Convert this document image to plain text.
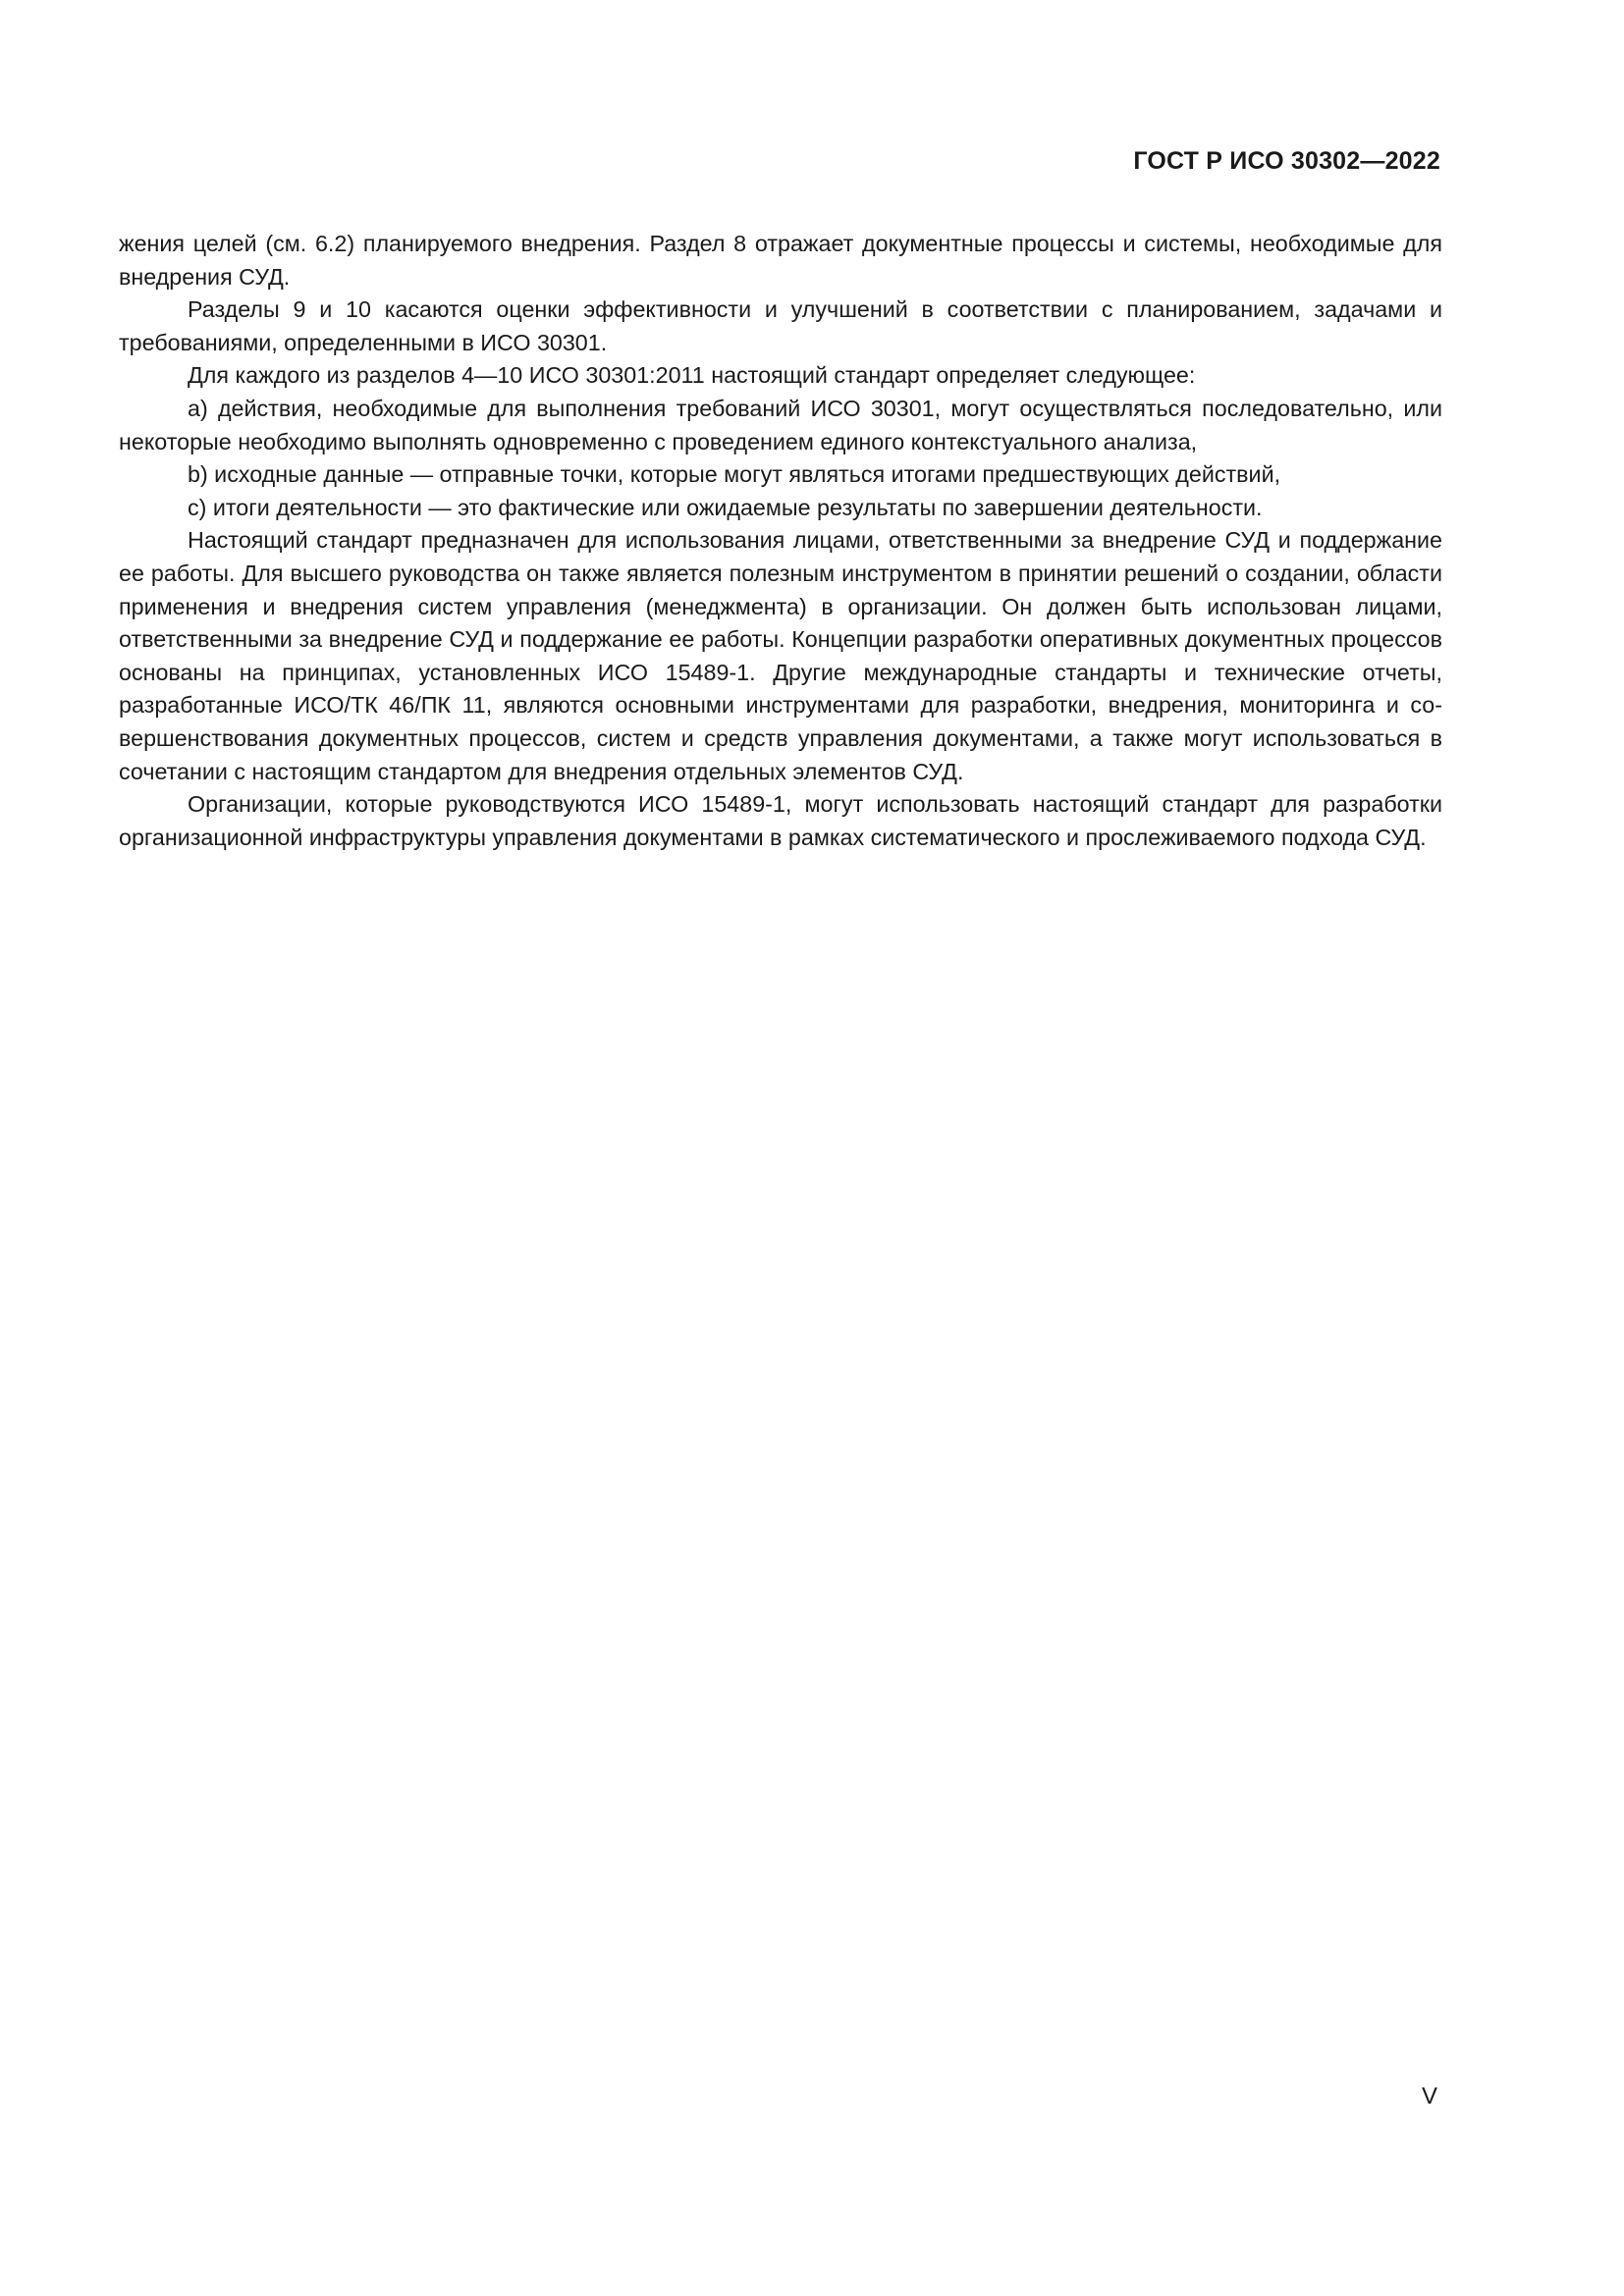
ГОСТ Р ИСО 30302—2022

жения целей (см. 6.2) планируемого внедрения. Раздел 8 отражает документные процессы и системы, необходимые для внедрения СУД.

Разделы 9 и 10 касаются оценки эффективности и улучшений в соответствии с планированием, задачами и требованиями, определенными в ИСО 30301.

Для каждого из разделов 4—10 ИСО 30301:2011 настоящий стандарт определяет следующее:

a) действия, необходимые для выполнения требований ИСО 30301, могут осуществляться последовательно, или некоторые необходимо выполнять одновременно с проведением единого контекстуального анализа,

b) исходные данные — отправные точки, которые могут являться итогами предшествующих действий,

c) итоги деятельности — это фактические или ожидаемые результаты по завершении деятельности.

Настоящий стандарт предназначен для использования лицами, ответственными за внедрение СУД и поддержание ее работы. Для высшего руководства он также является полезным инструментом в принятии решений о создании, области применения и внедрения систем управления (менеджмента) в организации. Он должен быть использован лицами, ответственными за внедрение СУД и поддержание ее работы. Концепции разработки оперативных документных процессов основаны на принципах, установленных ИСО 15489-1. Другие международные стандарты и технические отчеты, разработанные ИСО/ТК 46/ПК 11, являются основными инструментами для разработки, внедрения, мониторинга и совершенствования документных процессов, систем и средств управления документами, а также могут использоваться в сочетании с настоящим стандартом для внедрения отдельных элементов СУД.

Организации, которые руководствуются ИСО 15489-1, могут использовать настоящий стандарт для разработки организационной инфраструктуры управления документами в рамках систематического и прослеживаемого подхода СУД.

V
